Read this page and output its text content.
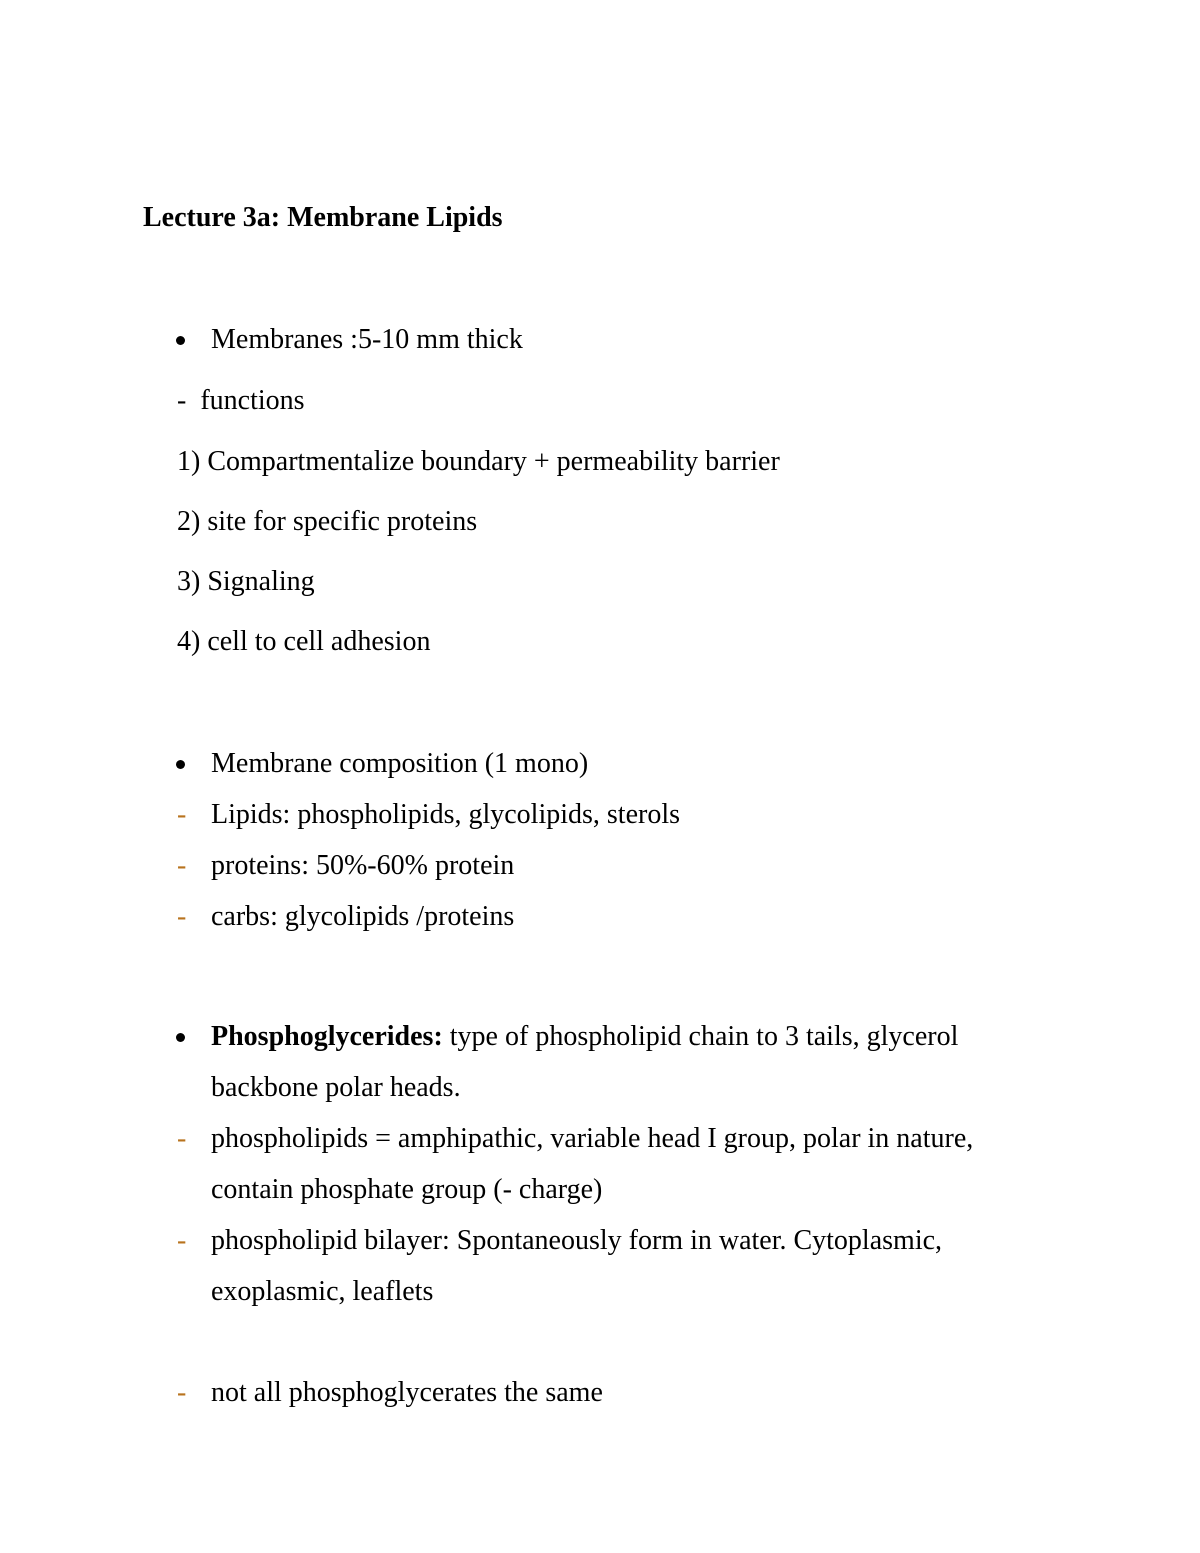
Lecture 3a: Membrane Lipids
Membranes :5-10 mm thick
- functions
1) Compartmentalize boundary + permeability barrier
2) site for specific proteins
3) Signaling
4) cell to cell adhesion
Membrane composition (1 mono)
- Lipids: phospholipids, glycolipids, sterols
- proteins: 50%-60% protein
- carbs: glycolipids /proteins
Phosphoglycerides: type of phospholipid chain to 3 tails, glycerol
backbone polar heads.
- phospholipids = amphipathic, variable head I group, polar in nature,
contain phosphate group (- charge)
- phospholipid bilayer: Spontaneously form in water. Cytoplasmic,
exoplasmic, leaflets
- not all phosphoglycerates the same
